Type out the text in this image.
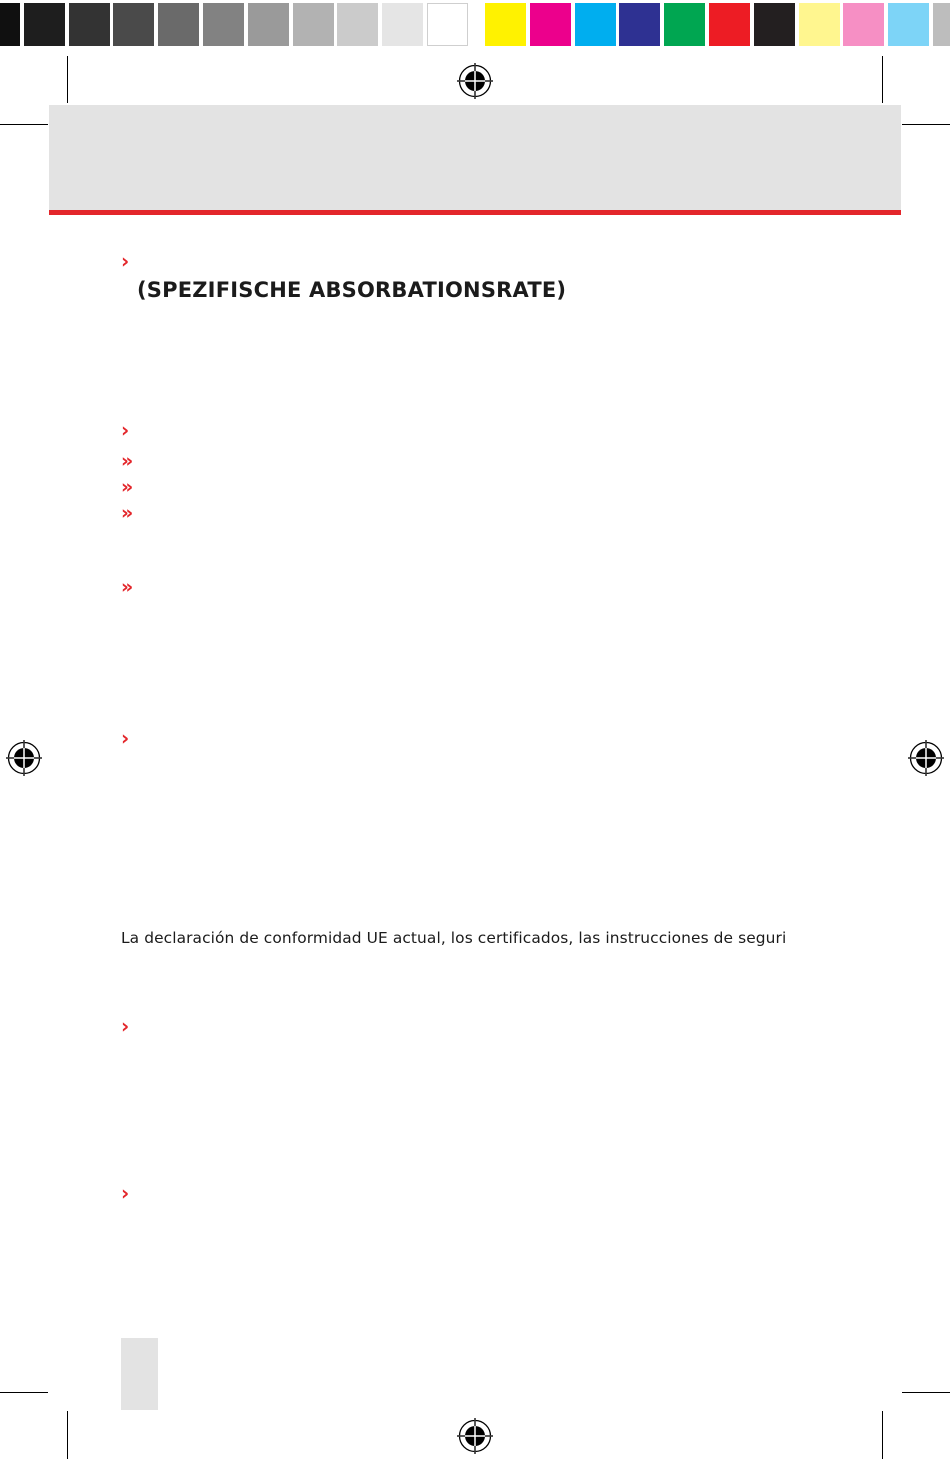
›
(SPEZIFISCHE ABSORBATIONSRATE)
›
»
»
»
»
›

La declaración de conformidad UE actual, los certificados, las instrucciones de seguri

›
›
